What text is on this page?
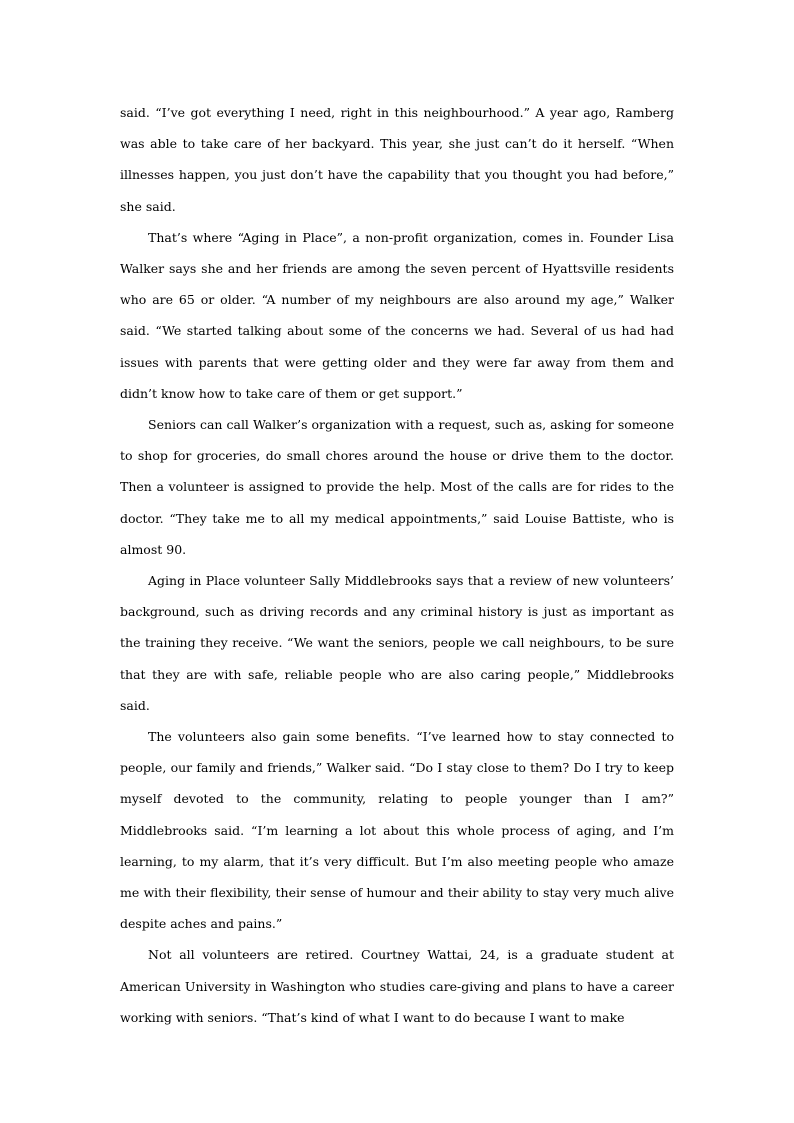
said. “I’ve got everything I need, right in this neighbourhood.” A year ago, Ramberg was able to take care of her backyard. This year, she just can’t do it herself. “When illnesses happen, you just don’t have the capability that you thought you had before,” she said.

That’s where “Aging in Place”, a non-profit organization, comes in. Founder Lisa Walker says she and her friends are among the seven percent of Hyattsville residents who are 65 or older. “A number of my neighbours are also around my age,” Walker said. “We started talking about some of the concerns we had. Several of us had had issues with parents that were getting older and they were far away from them and didn’t know how to take care of them or get support.”

Seniors can call Walker’s organization with a request, such as, asking for someone to shop for groceries, do small chores around the house or drive them to the doctor. Then a volunteer is assigned to provide the help. Most of the calls are for rides to the doctor. “They take me to all my medical appointments,” said Louise Battiste, who is almost 90.

Aging in Place volunteer Sally Middlebrooks says that a review of new volunteers’ background, such as driving records and any criminal history is just as important as the training they receive. “We want the seniors, people we call neighbours, to be sure that they are with safe, reliable people who are also caring people,” Middlebrooks said.

The volunteers also gain some benefits. “I’ve learned how to stay connected to people, our family and friends,” Walker said. “Do I stay close to them? Do I try to keep myself devoted to the community, relating to people younger than I am?” Middlebrooks said. “I’m learning a lot about this whole process of aging, and I’m learning, to my alarm, that it’s very difficult. But I’m also meeting people who amaze me with their flexibility, their sense of humour and their ability to stay very much alive despite aches and pains.”

Not all volunteers are retired. Courtney Wattai, 24, is a graduate student at American University in Washington who studies care-giving and plans to have a career working with seniors. “That’s kind of what I want to do because I want to make
